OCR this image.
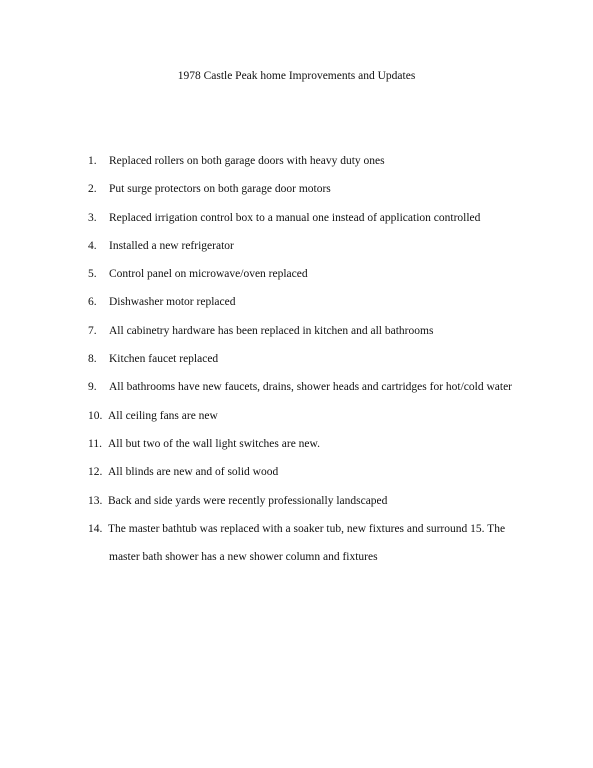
1978 Castle Peak home Improvements and Updates
1. Replaced rollers on both garage doors with heavy duty ones
2. Put surge protectors on both garage door motors
3. Replaced irrigation control box to a manual one instead of application controlled
4. Installed a new refrigerator
5. Control panel on microwave/oven replaced
6. Dishwasher motor replaced
7. All cabinetry hardware has been replaced in kitchen and all bathrooms
8. Kitchen faucet replaced
9. All bathrooms have new faucets, drains, shower heads and cartridges for hot/cold water
10. All ceiling fans are new
11. All but two of the wall light switches are new.
12. All blinds are new and of solid wood
13. Back and side yards were recently professionally landscaped
14. The master bathtub was replaced with a soaker tub, new fixtures and surround 15. The
master bath shower has a new shower column and fixtures
